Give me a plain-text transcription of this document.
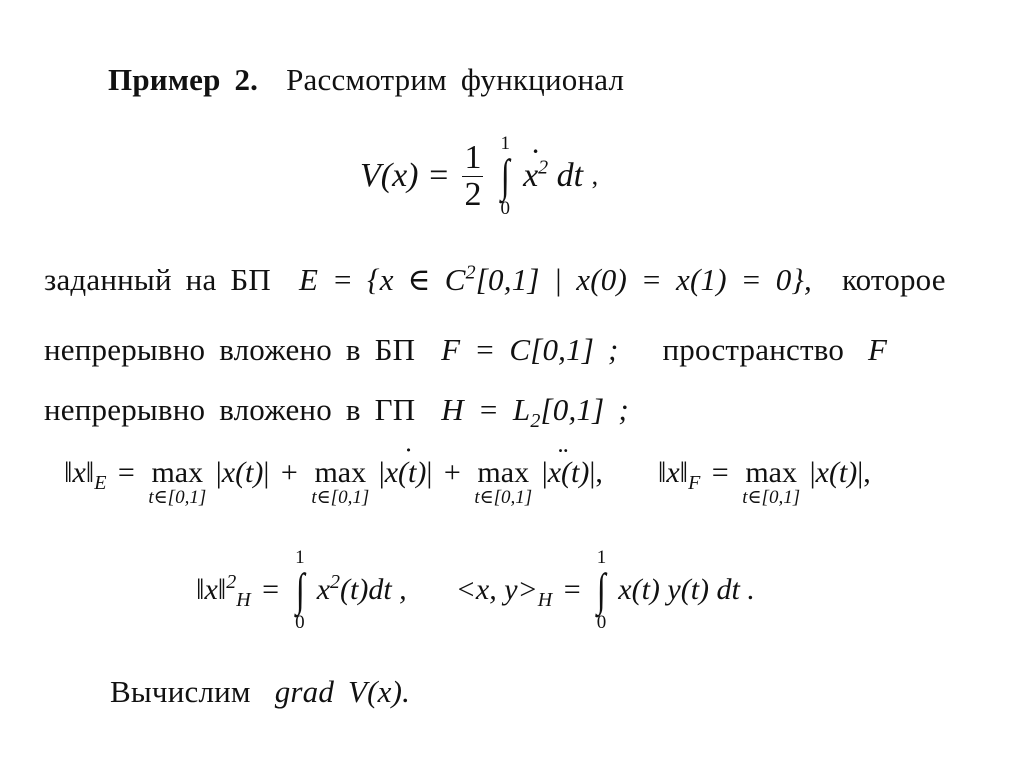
Пример 2. Рассмотрим функционал
$V(x) = \frac{1}{2}$
1
∫
0
x ˙$^2$ dt ,
заданный на БП E = {x ∈ $C^2[0,1]$ | x(0) = x(1) = 0}, которое
непрерывно вложено в БП F = C[0,1] ; пространство F
непрерывно вложено в ГП $H = L_2[0,1]$ ;
$‖x‖_E = \max$
t∈[0,1]
|x(t)| + max
t∈[0,1]
|x(t) ˙| + max
t∈[0,1]
|x(t) ¨|, $‖x‖_F = \max$
t∈[0,1]
|x(t)|,
‖x‖$^2_H$ =
1
∫
0
$x^2(t)dt$ , <x, $y>_H$ =
1
∫
0
x(t) y(t) dt .
Вычислим grad V(x).
